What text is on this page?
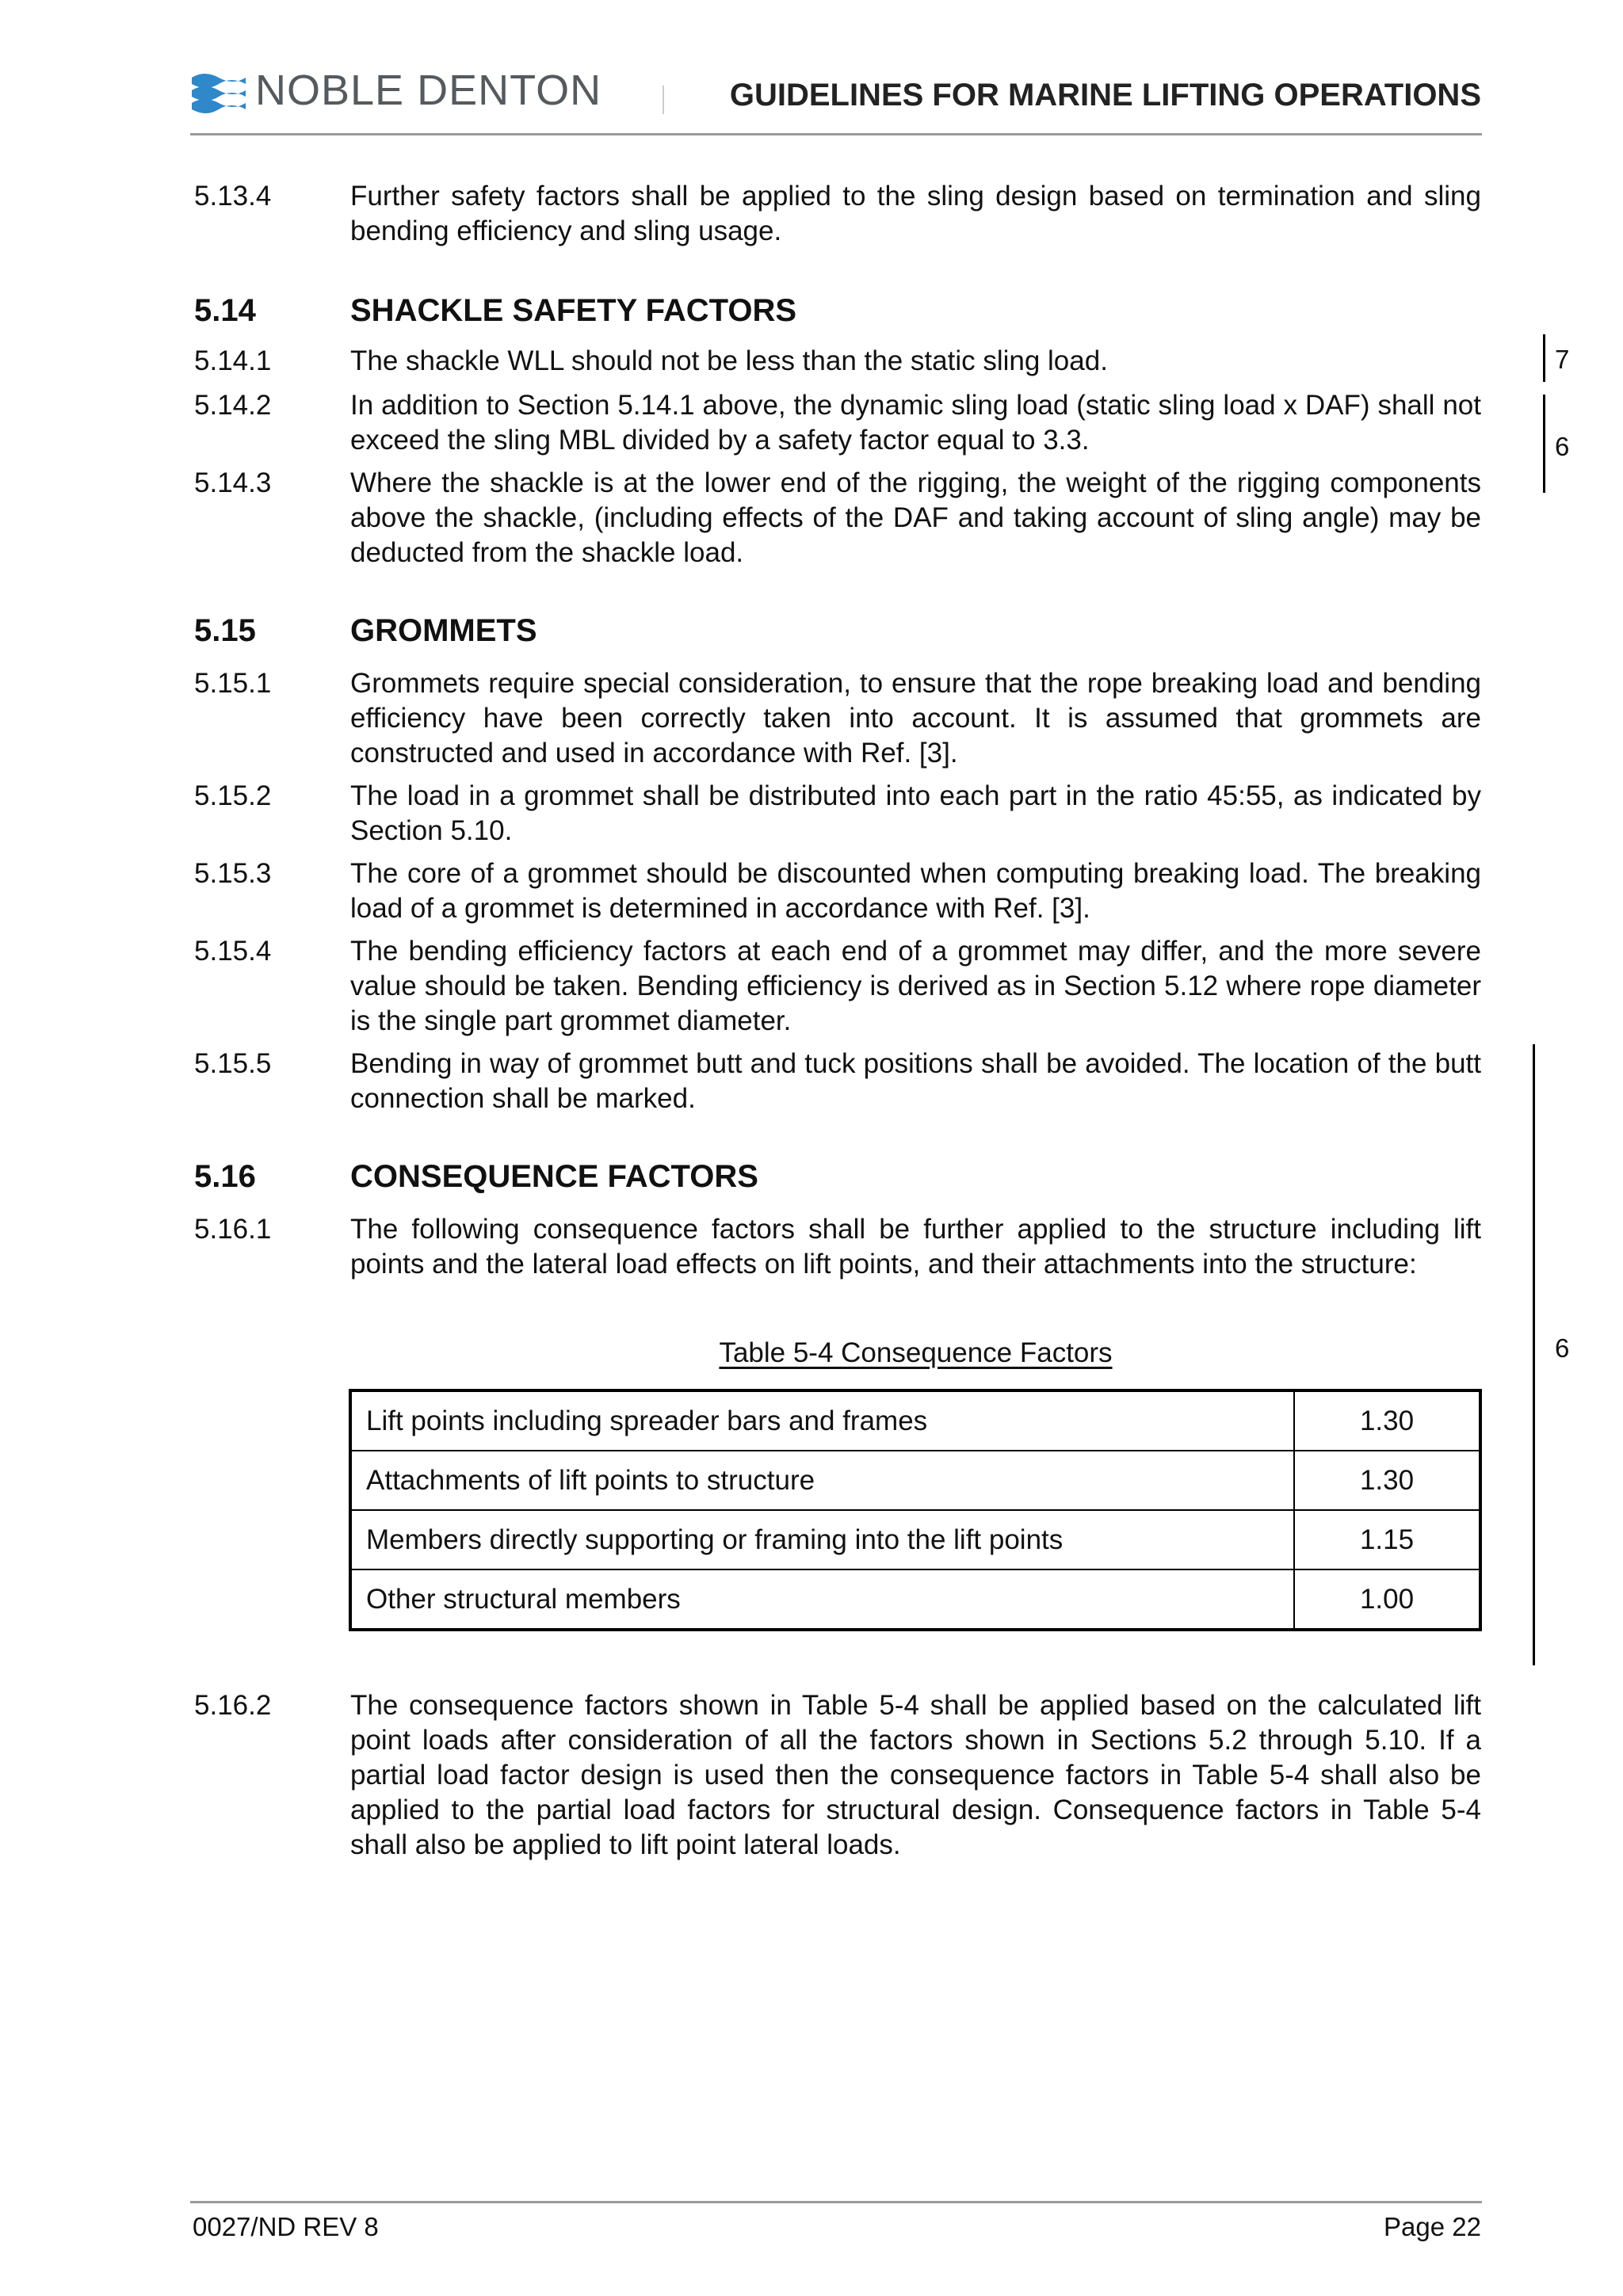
NOBLE DENTON	GUIDELINES FOR MARINE LIFTING OPERATIONS
5.13.4	Further safety factors shall be applied to the sling design based on termination and sling bending efficiency and sling usage.
5.14	SHACKLE SAFETY FACTORS
5.14.1	The shackle WLL should not be less than the static sling load.
5.14.2	In addition to Section 5.14.1 above, the dynamic sling load (static sling load x DAF) shall not exceed the sling MBL divided by a safety factor equal to 3.3.
5.14.3	Where the shackle is at the lower end of the rigging, the weight of the rigging components above the shackle, (including effects of the DAF and taking account of sling angle) may be deducted from the shackle load.
7
6
5.15	GROMMETS
5.15.1	Grommets require special consideration, to ensure that the rope breaking load and bending efficiency have been correctly taken into account. It is assumed that grommets are constructed and used in accordance with Ref. [3].
5.15.2	The load in a grommet shall be distributed into each part in the ratio 45:55, as indicated by Section 5.10.
5.15.3	The core of a grommet should be discounted when computing breaking load. The breaking load of a grommet is determined in accordance with Ref. [3].
5.15.4	The bending efficiency factors at each end of a grommet may differ, and the more severe value should be taken. Bending efficiency is derived as in Section 5.12 where rope diameter is the single part grommet diameter.
5.15.5	Bending in way of grommet butt and tuck positions shall be avoided. The location of the butt connection shall be marked.
6
5.16	CONSEQUENCE FACTORS
5.16.1	The following consequence factors shall be further applied to the structure including lift points and the lateral load effects on lift points, and their attachments into the structure:
Table 5-4 Consequence Factors
Lift points including spreader bars and frames	1.30
Attachments of lift points to structure	1.30
Members directly supporting or framing into the lift points	1.15
Other structural members	1.00
5.16.2	The consequence factors shown in Table 5-4 shall be applied based on the calculated lift point loads after consideration of all the factors shown in Sections 5.2 through 5.10. If a partial load factor design is used then the consequence factors in Table 5-4 shall also be applied to the partial load factors for structural design. Consequence factors in Table 5-4 shall also be applied to lift point lateral loads.
0027/ND REV 8	Page 22
